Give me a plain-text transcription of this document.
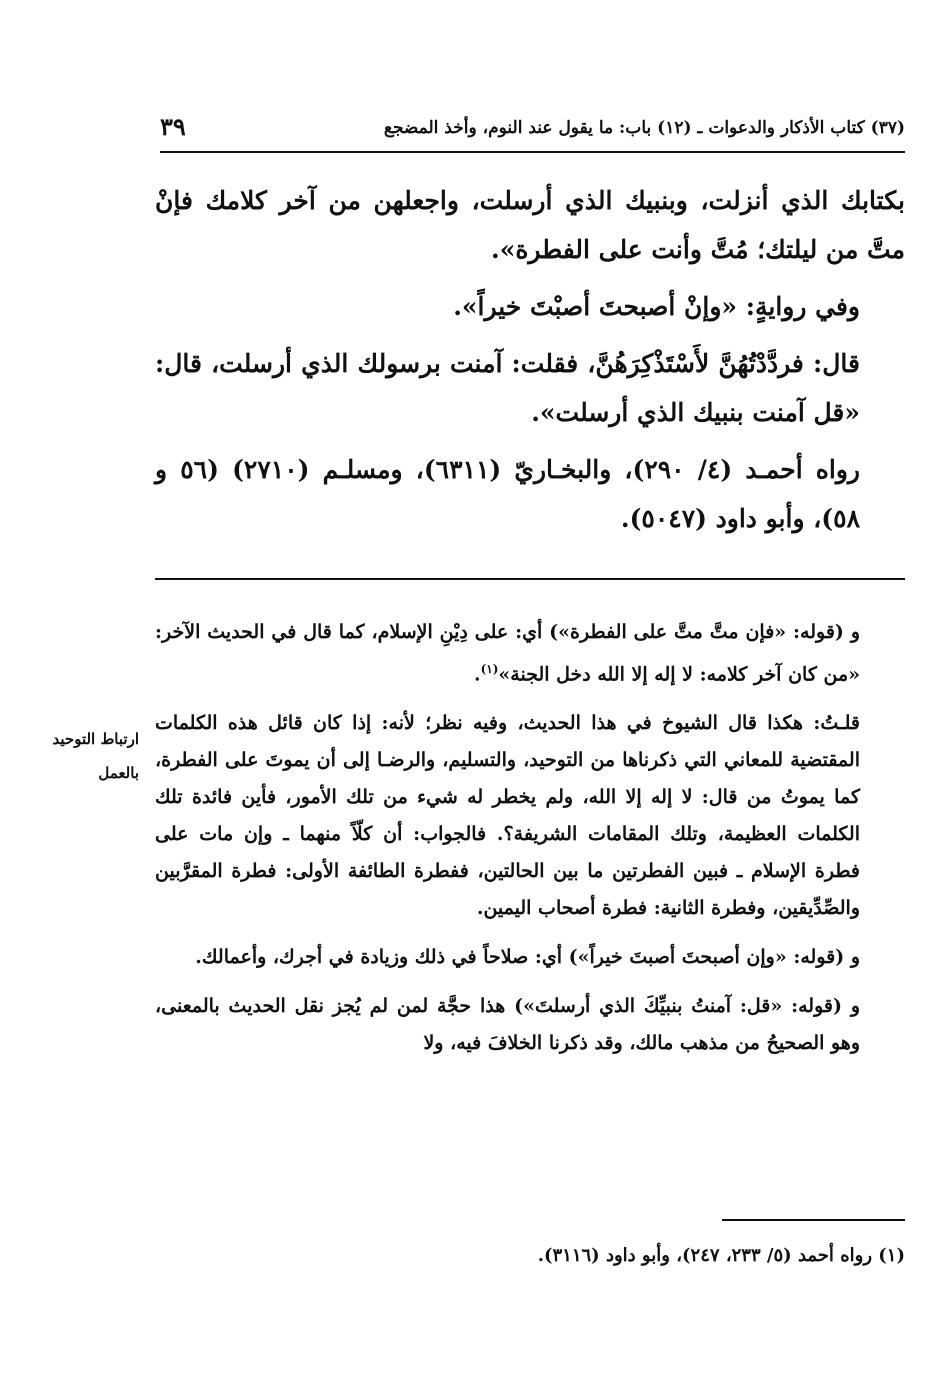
(٣٧) كتاب الأذكار والدعوات ـ (١٢) باب: ما يقول عند النوم، وأخذ المضجع
٣٩

بكتابك الذي أنزلت، وبنبيك الذي أرسلت، واجعلهن من آخر كلامك فإنْ متَّ من ليلتك؛ مُتَّ وأنت على الفطرة».

وفي روايةٍ: «وإنْ أصبحتَ أصبْتَ خيراً».

قال: فردَّدْتُهُنَّ لأَسْتَذْكِرَهُنَّ، فقلت: آمنت برسولك الذي أرسلت، قال: «قل آمنت بنبيك الذي أرسلت».

رواه أحمـد (٤/ ٢٩٠)، والبخـاريّ (٦٣١١)، ومسلـم (٢٧١٠) (٥٦ و ٥٨)، وأبو داود (٥٠٤٧).

و (قوله: «فإن متَّ متَّ على الفطرة») أي: على دِيْنِ الإسلام، كما قال في الحديث الآخر: «من كان آخر كلامه: لا إله إلا الله دخل الجنة»$^{(١)}$.

قلـتُ: هكذا قال الشيوخ في هذا الحديث، وفيه نظر؛ لأنه: إذا كان قائل هذه الكلمات المقتضية للمعاني التي ذكرناها من التوحيد، والتسليم، والرضـا إلى أن يموتَ على الفطرة، كما يموتُ من قال: لا إله إلا الله، ولم يخطر له شيء من تلك الأمور، فأين فائدة تلك الكلمات العظيمة، وتلك المقامات الشريفة؟. فالجواب: أن كلّاً منهما ـ وإن مات على فطرة الإسلام ـ فبين الفطرتين ما بين الحالتين، ففطرة الطائفة الأولى: فطرة المقرَّبين والصِّدِّيقين، وفطرة الثانية: فطرة أصحاب اليمين.

و (قوله: «وإن أصبحتَ أصبتَ خيراً») أي: صلاحاً في ذلك وزيادة في أجرك، وأعمالك.

و (قوله: «قل: آمنتُ بنبيِّكَ الذي أرسلتَ») هذا حجَّة لمن لم يُجز نقل الحديث بالمعنى، وهو الصحيحُ من مذهب مالك، وقد ذكرنا الخلافَ فيه، ولا

ارتباط التوحيد
بالعمل
(١) رواه أحمد (٥/ ٢٣٣، ٢٤٧)، وأبو داود (٣١١٦).
